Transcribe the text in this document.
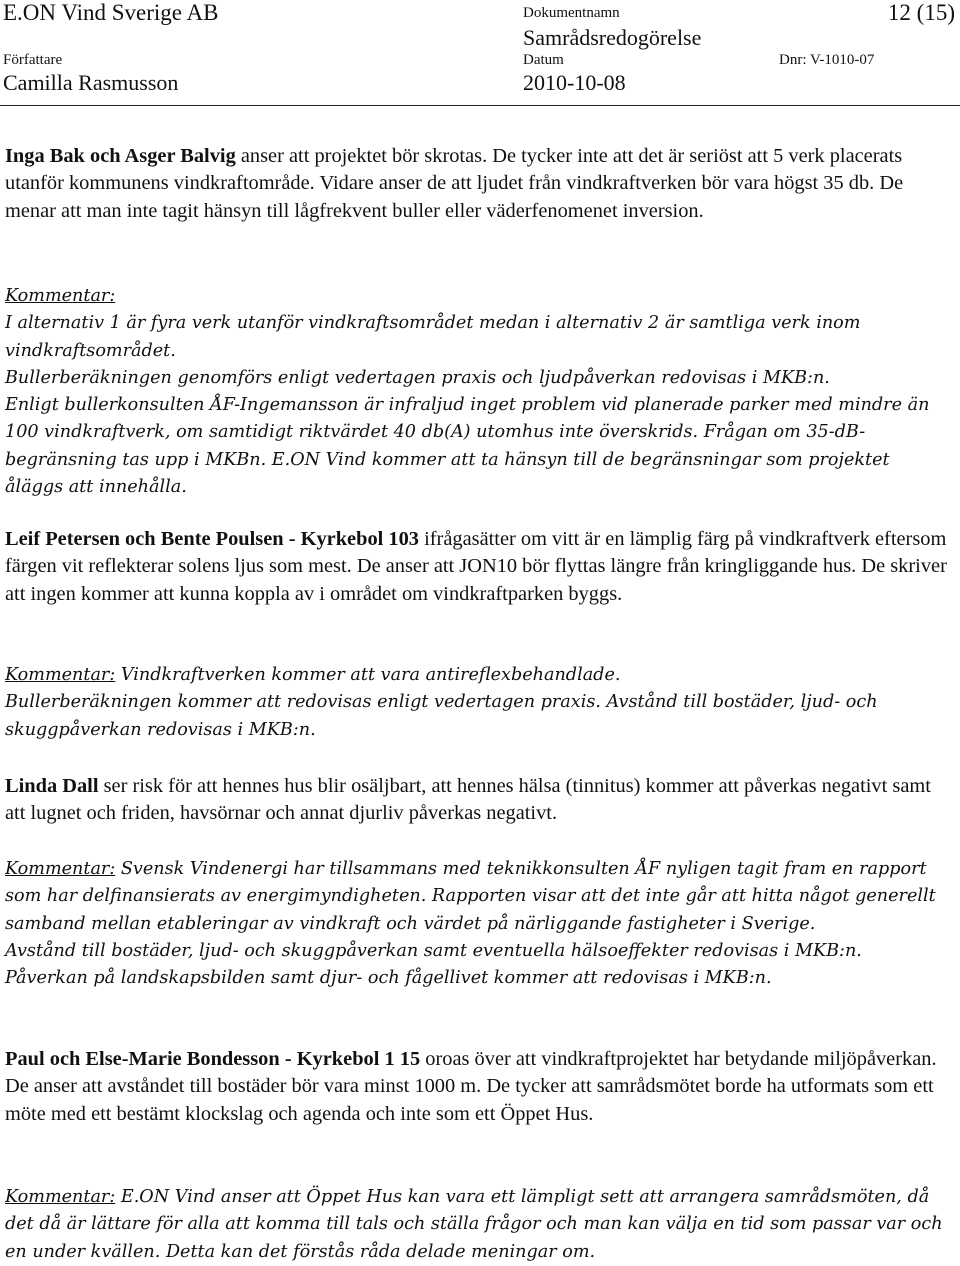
E.ON Vind Sverige AB	Dokumentnamn	12 (15)
Samrådsredogörelse
Författare	Datum	Dnr: V-1010-07
Camilla Rasmusson	2010-10-08
Inga Bak och Asger Balvig anser att projektet bör skrotas. De tycker inte att det är seriöst att 5 verk placerats utanför kommunens vindkraftområde. Vidare anser de att ljudet från vindkraftverken bör vara högst 35 db. De menar att man inte tagit hänsyn till lågfrekvent buller eller väderfenomenet inversion.
Kommentar:
I alternativ 1 är fyra verk utanför vindkraftsområdet medan i alternativ 2 är samtliga verk inom vindkraftsområdet.
Bullerberäkningen genomförs enligt vedertagen praxis och ljudpåverkan redovisas i MKB:n.
Enligt bullerkonsulten ÅF-Ingemansson är infraljud inget problem vid planerade parker med mindre än 100 vindkraftverk, om samtidigt riktvärdet 40 db(A) utomhus inte överskrids. Frågan om 35-dB-begränsning tas upp i MKBn. E.ON Vind kommer att ta hänsyn till de begränsningar som projektet åläggs att innehålla.
Leif Petersen och Bente Poulsen - Kyrkebol 103 ifrågasätter om vitt är en lämplig färg på vindkraftverk eftersom färgen vit reflekterar solens ljus som mest. De anser att JON10 bör flyttas längre från kringliggande hus. De skriver att ingen kommer att kunna koppla av i området om vindkraftparken byggs.
Kommentar: Vindkraftverken kommer att vara antireflexbehandlade.
Bullerberäkningen kommer att redovisas enligt vedertagen praxis. Avstånd till bostäder, ljud- och skuggpåverkan redovisas i MKB:n.
Linda Dall ser risk för att hennes hus blir osäljbart, att hennes hälsa (tinnitus) kommer att påverkas negativt samt att lugnet och friden, havsörnar och annat djurliv påverkas negativt.
Kommentar: Svensk Vindenergi har tillsammans med teknikkonsulten ÅF nyligen tagit fram en rapport som har delfinansierats av energimyndigheten. Rapporten visar att det inte går att hitta något generellt samband mellan etableringar av vindkraft och värdet på närliggande fastigheter i Sverige.
Avstånd till bostäder, ljud- och skuggpåverkan samt eventuella hälsoeffekter redovisas i MKB:n.
Påverkan på landskapsbilden samt djur- och fågellivet kommer att redovisas i MKB:n.
Paul och Else-Marie Bondesson - Kyrkebol 1 15 oroas över att vindkraftprojektet har betydande miljöpåverkan. De anser att avståndet till bostäder bör vara minst 1000 m. De tycker att samrådsmötet borde ha utformats som ett möte med ett bestämt klockslag och agenda och inte som ett Öppet Hus.
Kommentar: E.ON Vind anser att Öppet Hus kan vara ett lämpligt sett att arrangera samrådsmöten, då det då är lättare för alla att komma till tals och ställa frågor och man kan välja en tid som passar var och en under kvällen. Detta kan det förstås råda delade meningar om.
